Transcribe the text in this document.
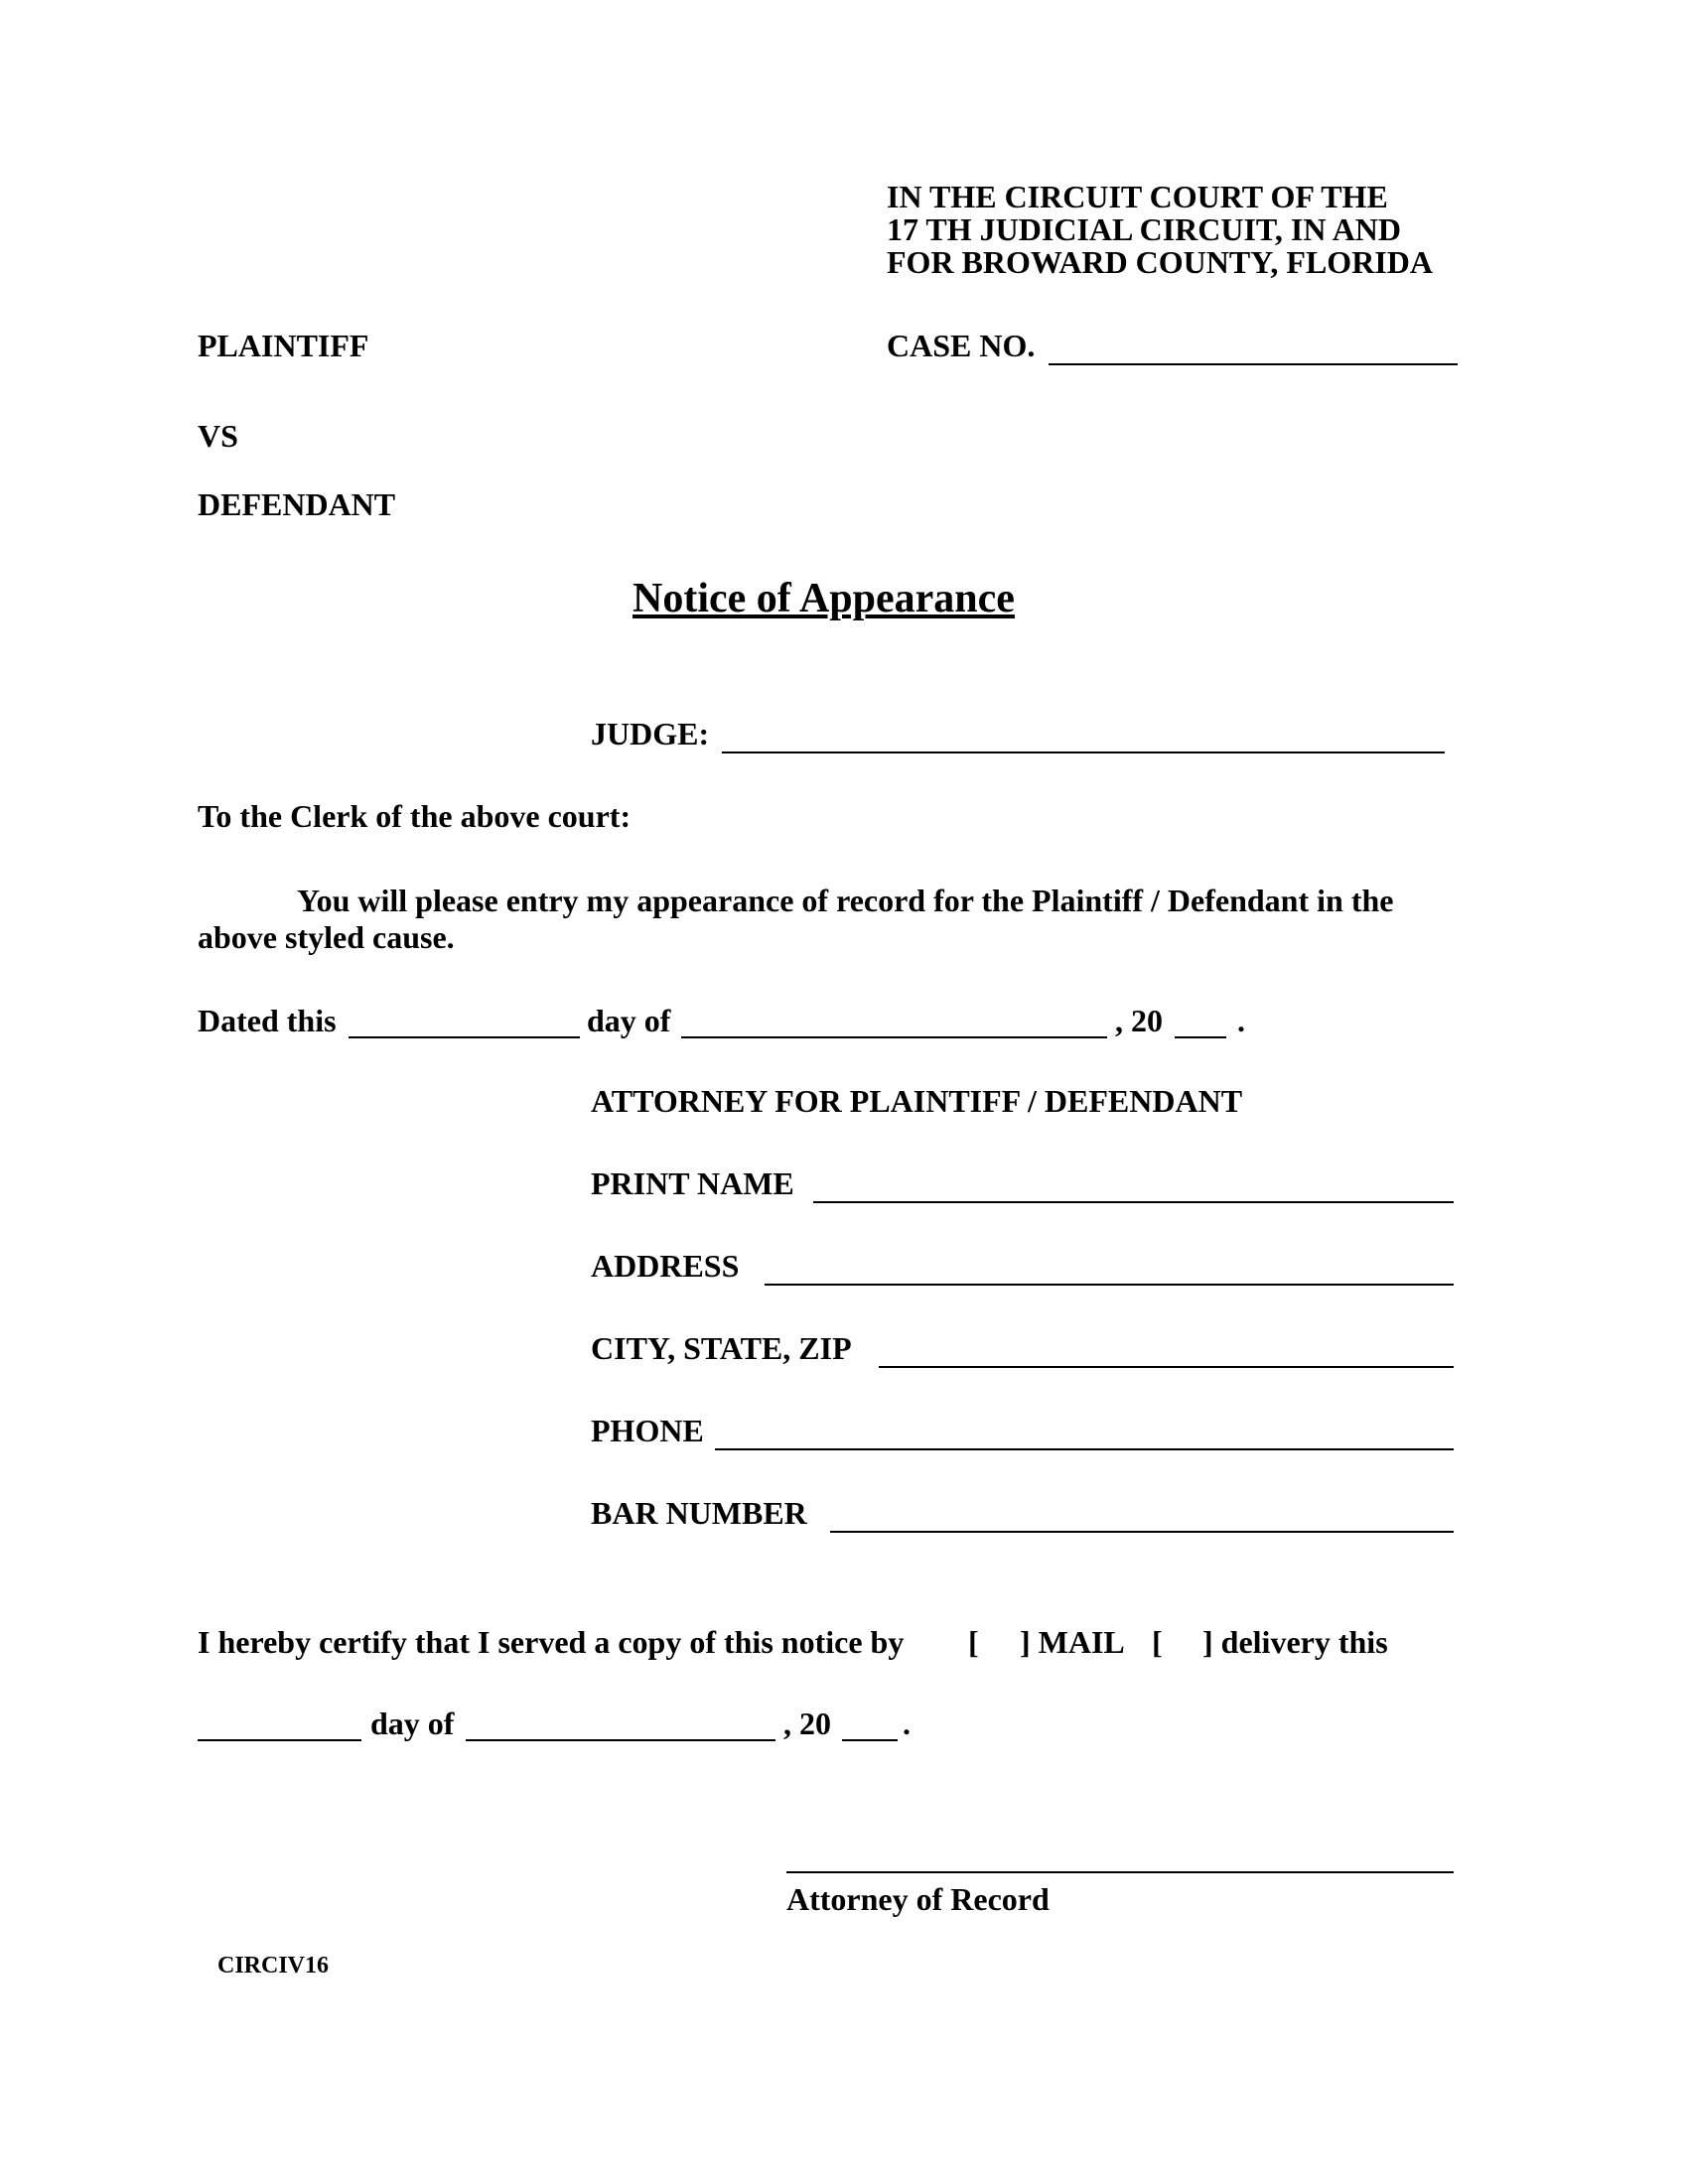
IN THE CIRCUIT COURT OF THE
17 TH JUDICIAL CIRCUIT, IN AND
FOR BROWARD COUNTY, FLORIDA
PLAINTIFF
VS
DEFENDANT
CASE NO.
Notice of Appearance
JUDGE:
To the Clerk of the above court:
You will please entry my appearance of record for the Plaintiff / Defendant in the
above styled cause.
Dated this	day of	, 20 .
ATTORNEY FOR PLAINTIFF / DEFENDANT
PRINT NAME
ADDRESS
CITY, STATE, ZIP
PHONE
BAR NUMBER
I hereby certify that I served a copy of this notice by [ ] MAIL [ ] delivery this
day of	, 20 .
Attorney of Record
CIRCIV16
